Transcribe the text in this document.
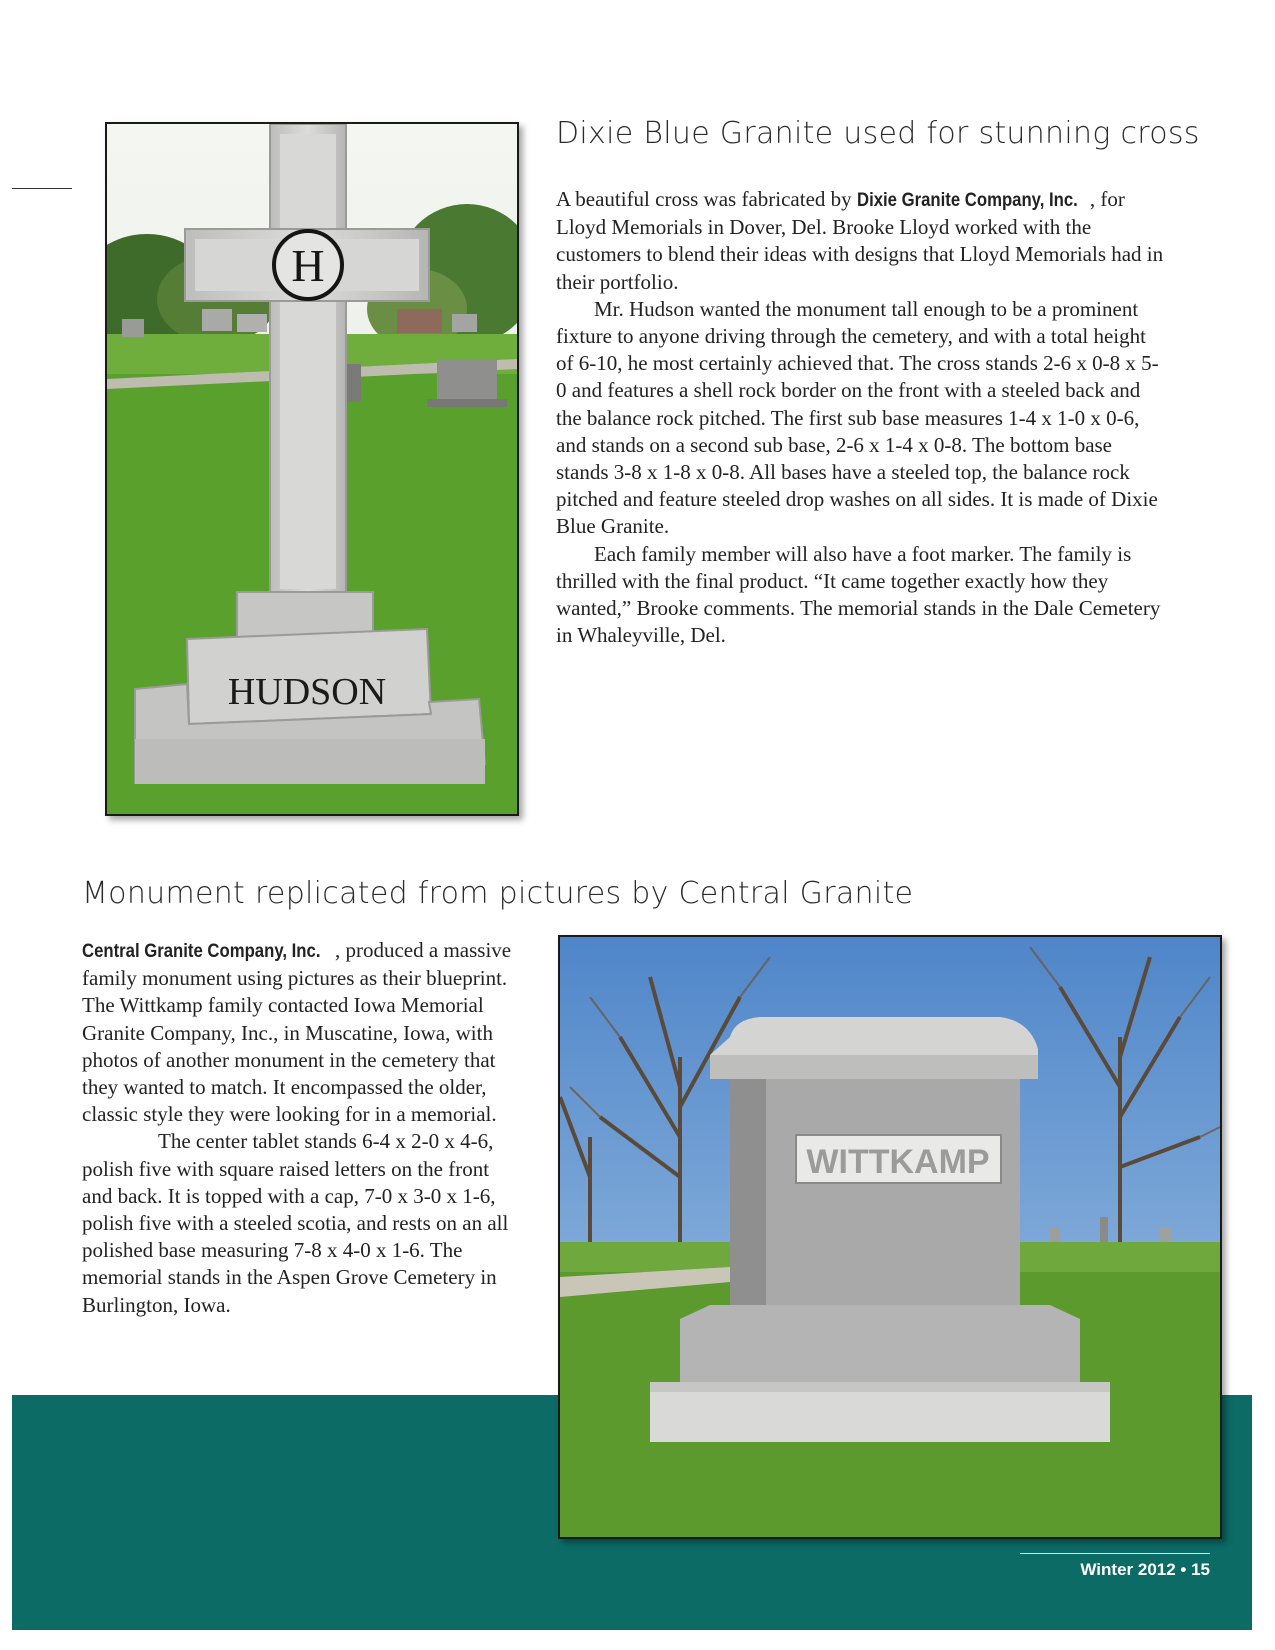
H
HUDSON
Dixie Blue Granite used for stunning cross

A beautiful cross was fabricated by Dixie Granite Company, Inc. , for Lloyd Memorials in Dover, Del. Brooke Lloyd worked with the customers to blend their ideas with designs that Lloyd Memorials had in their portfolio.

Mr. Hudson wanted the monument tall enough to be a prominent fixture to anyone driving through the cemetery, and with a total height of 6-10, he most certainly achieved that. The cross stands 2-6 x 0-8 x 5-0 and features a shell rock border on the front with a steeled back and the balance rock pitched. The first sub base measures 1-4 x 1-0 x 0-6, and stands on a second sub base, 2-6 x 1-4 x 0-8. The bottom base stands 3-8 x 1-8 x 0-8. All bases have a steeled top, the balance rock pitched and feature steeled drop washes on all sides. It is made of Dixie Blue Granite.

Each family member will also have a foot marker. The family is thrilled with the final product. “It came together exactly how they wanted,” Brooke comments. The memorial stands in the Dale Cemetery in Whaleyville, Del.

Monument replicated from pictures by Central Granite

Central Granite Company, Inc. , produced a massive family monument using pictures as their blueprint. The Wittkamp family contacted Iowa Memorial Granite Company, Inc., in Muscatine, Iowa, with photos of another monument in the cemetery that they wanted to match. It encompassed the older, classic style they were looking for in a memorial.

The center tablet stands 6-4 x 2-0 x 4-6, polish five with square raised letters on the front and back. It is topped with a cap, 7-0 x 3-0 x 1-6, polish five with a steeled scotia, and rests on an all polished base measuring 7-8 x 4-0 x 1-6. The memorial stands in the Aspen Grove Cemetery in Burlington, Iowa.

WITTKAMP
Winter 2012 • 15
